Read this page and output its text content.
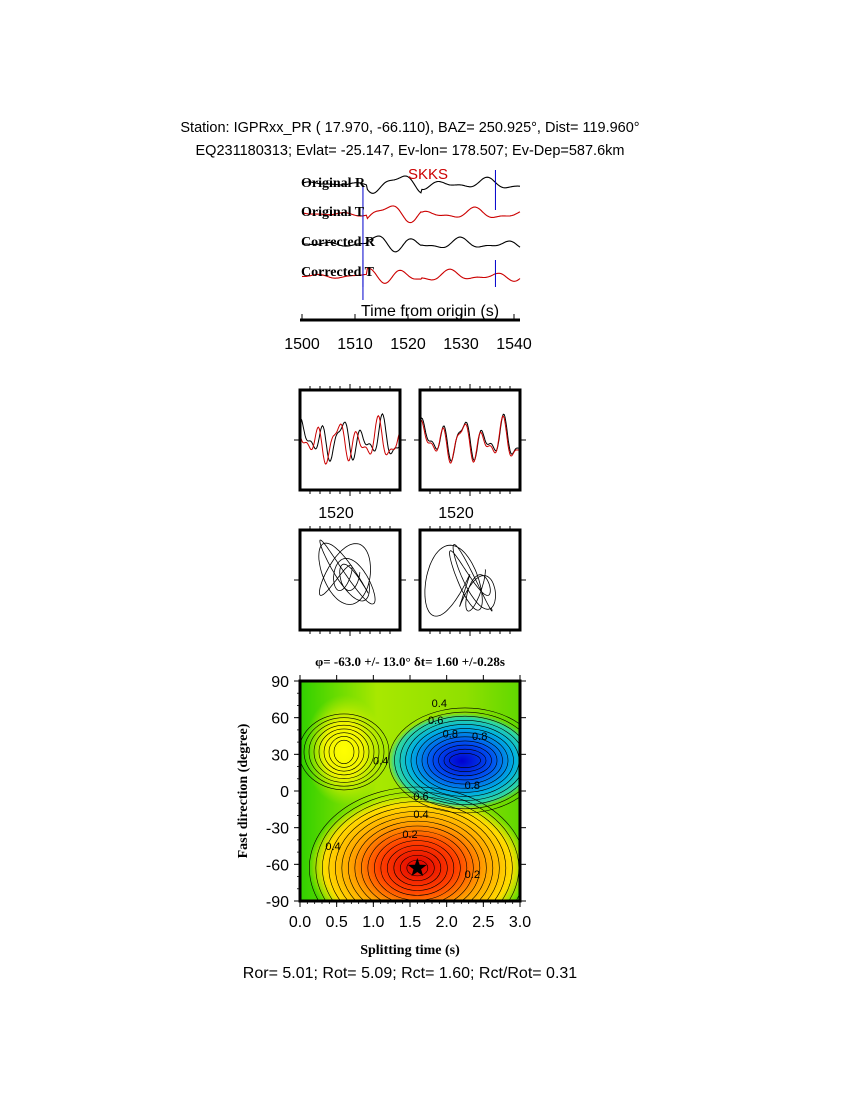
Station: IGPRxx_PR ( 17.970, -66.110), BAZ= 250.925°, Dist= 119.960°
EQ231180313; Evlat= -25.147, Ev-lon= 178.507; Ev-Dep=587.6km
Original R
Original T
Corrected R
Corrected T
SKKS
Time from origin (s)
1500 1510 1520 1530 1540
1520	1520
φ= -63.0 +/- 13.0° δt= 1.60 +/-0.28s
0.0 0.5 1.0 1.5 2.0 2.5 3.0
90
60
30
0
-30
-60
-90
0.4
0.6
0.8 0.8
0.4
0.8
0.6
0.4
0.2
0.4
0.2
Splitting time (s)
Fast direction (degree)
Ror= 5.01; Rot= 5.09; Rct= 1.60; Rct/Rot= 0.31
